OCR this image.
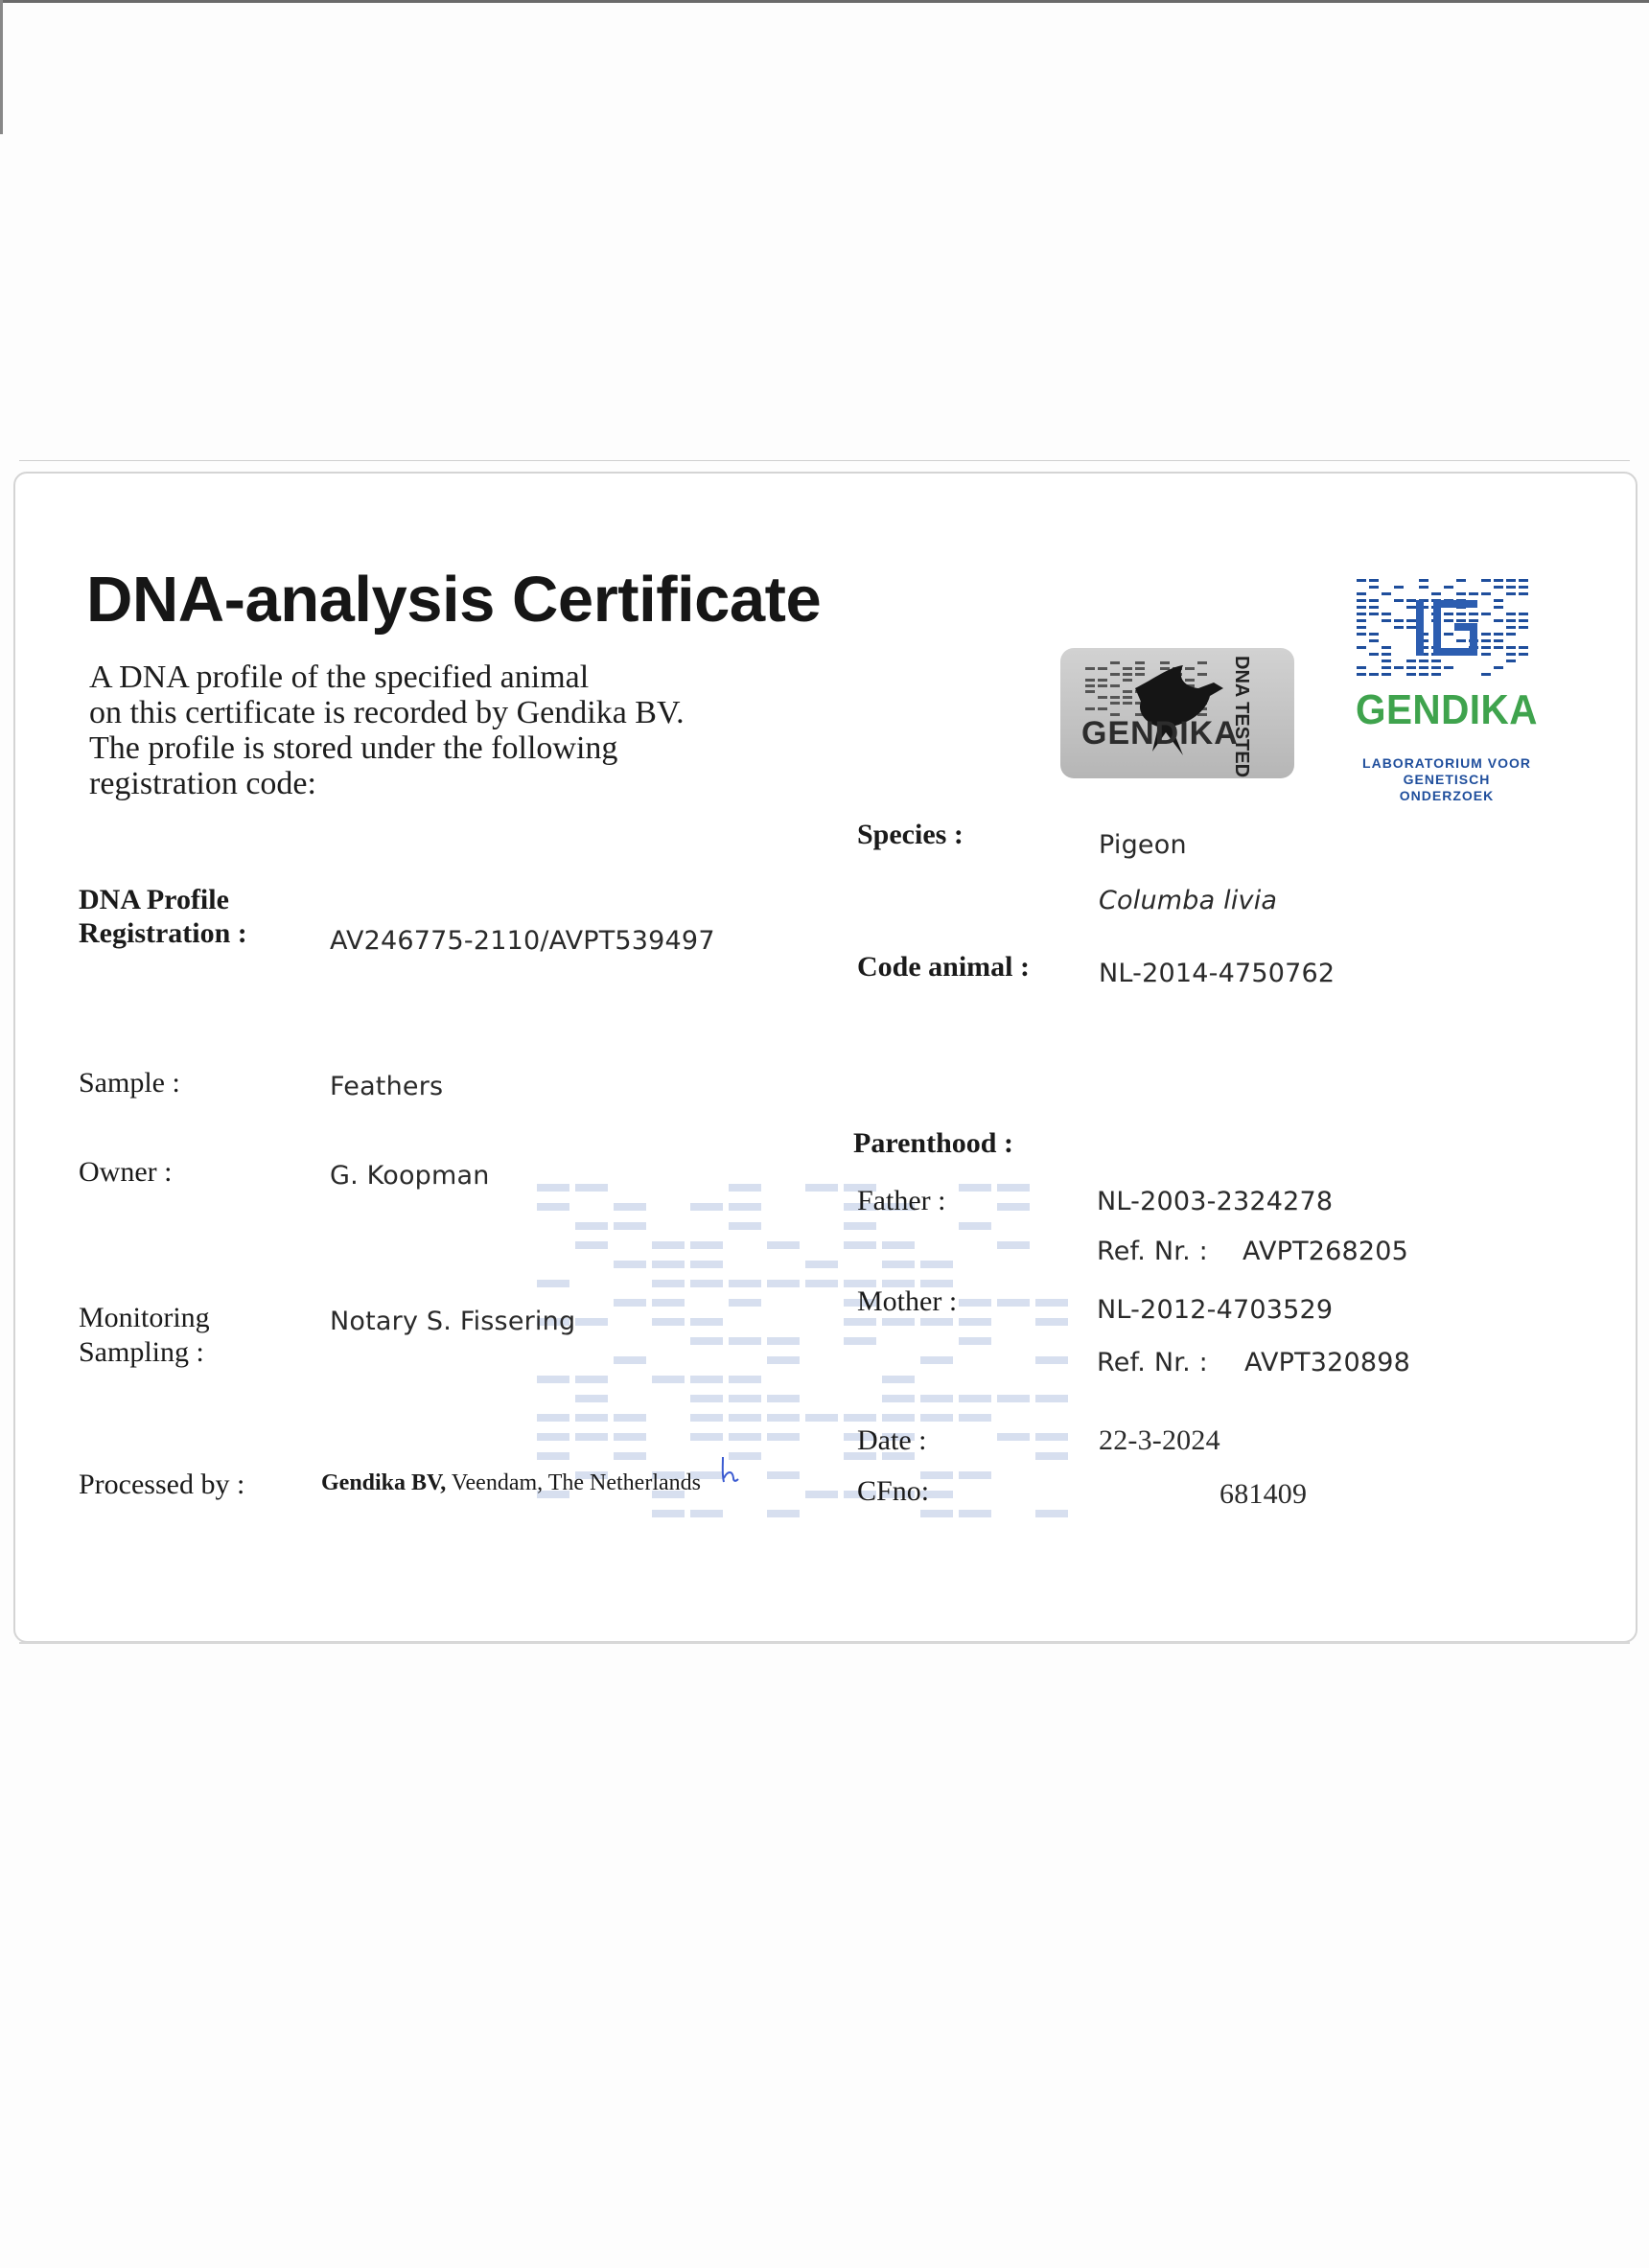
DNA-analysis Certificate
A DNA profile of the specified animal
on this certificate is recorded by Gendika BV.
The profile is stored under the following
registration code:
DNA Profile
Registration :	AV246775-2110/AVPT539497
Sample :	Feathers
Owner :	G. Koopman
Monitoring
Sampling :
Notary S. Fissering
Processed by :	Gendika BV, Veendam, The Netherlands
Species :	Pigeon
Columba livia
Code animal :	NL-2014-4750762
Parenthood :
Father :	NL-2003-2324278
Ref. Nr. : AVPT268205
Mother :	NL-2012-4703529
Ref. Nr. : AVPT320898
Date :	22-3-2024
CFno:	681409
GENDIKA
DNA TESTED GENDIKA
LABORATORIUM VOOR
GENETISCH ONDERZOEK
